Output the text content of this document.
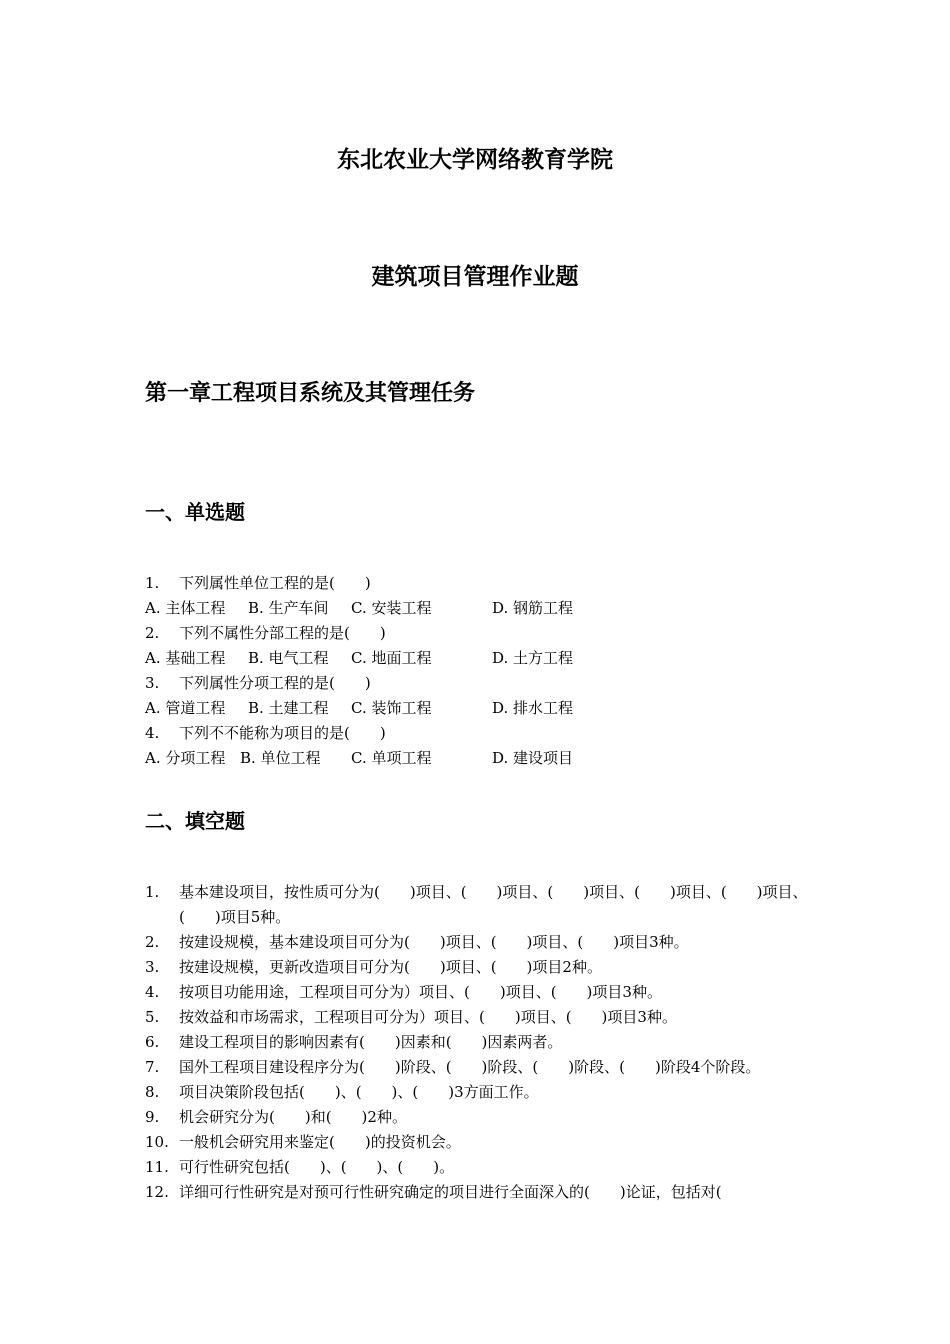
东北农业大学网络教育学院
建筑项目管理作业题
第一章工程项目系统及其管理任务
一、单选题
1. 下列属性单位工程的是(　　)
A. 主体工程 B. 生产车间 C. 安装工程	D. 钢筋工程
2. 下列不属性分部工程的是(　　)
A. 基础工程 B. 电气工程 C. 地面工程	D. 土方工程
3. 下列属性分项工程的是(　　)
A. 管道工程 B. 土建工程 C. 装饰工程	D. 排水工程
4. 下列不不能称为项目的是(　　)
A. 分项工程 B. 单位工程 C. 单项工程	D. 建设项目
二、填空题
1. 基本建设项目，按性质可分为(　　)项目、(　　)项目、(　　)项目、(　　)项目、(　　)项目、(　　)项目5种。
2. 按建设规模，基本建设项目可分为(　　)项目、(　　)项目、(　　)项目3种。
3. 按建设规模，更新改造项目可分为(　　)项目、(　　)项目2种。
4. 按项目功能用途，工程项目可分为）项目、(　　)项目、(　　)项目3种。
5. 按效益和市场需求，工程项目可分为）项目、(　　)项目、(　　)项目3种。
6. 建设工程项目的影响因素有(　　)因素和(　　)因素两者。
7. 国外工程项目建设程序分为(　　)阶段、(　　)阶段、(　　)阶段、(　　)阶段4个阶段。
8. 项目决策阶段包括(　　)、(　　)、(　　)3方面工作。
9. 机会研究分为(　　)和(　　)2种。
10. 一般机会研究用来鉴定(　　)的投资机会。
11. 可行性研究包括(　　)、(　　)、(　　)。
12. 详细可行性研究是对预可行性研究确定的项目进行全面深入的(　　)论证，包括对(
